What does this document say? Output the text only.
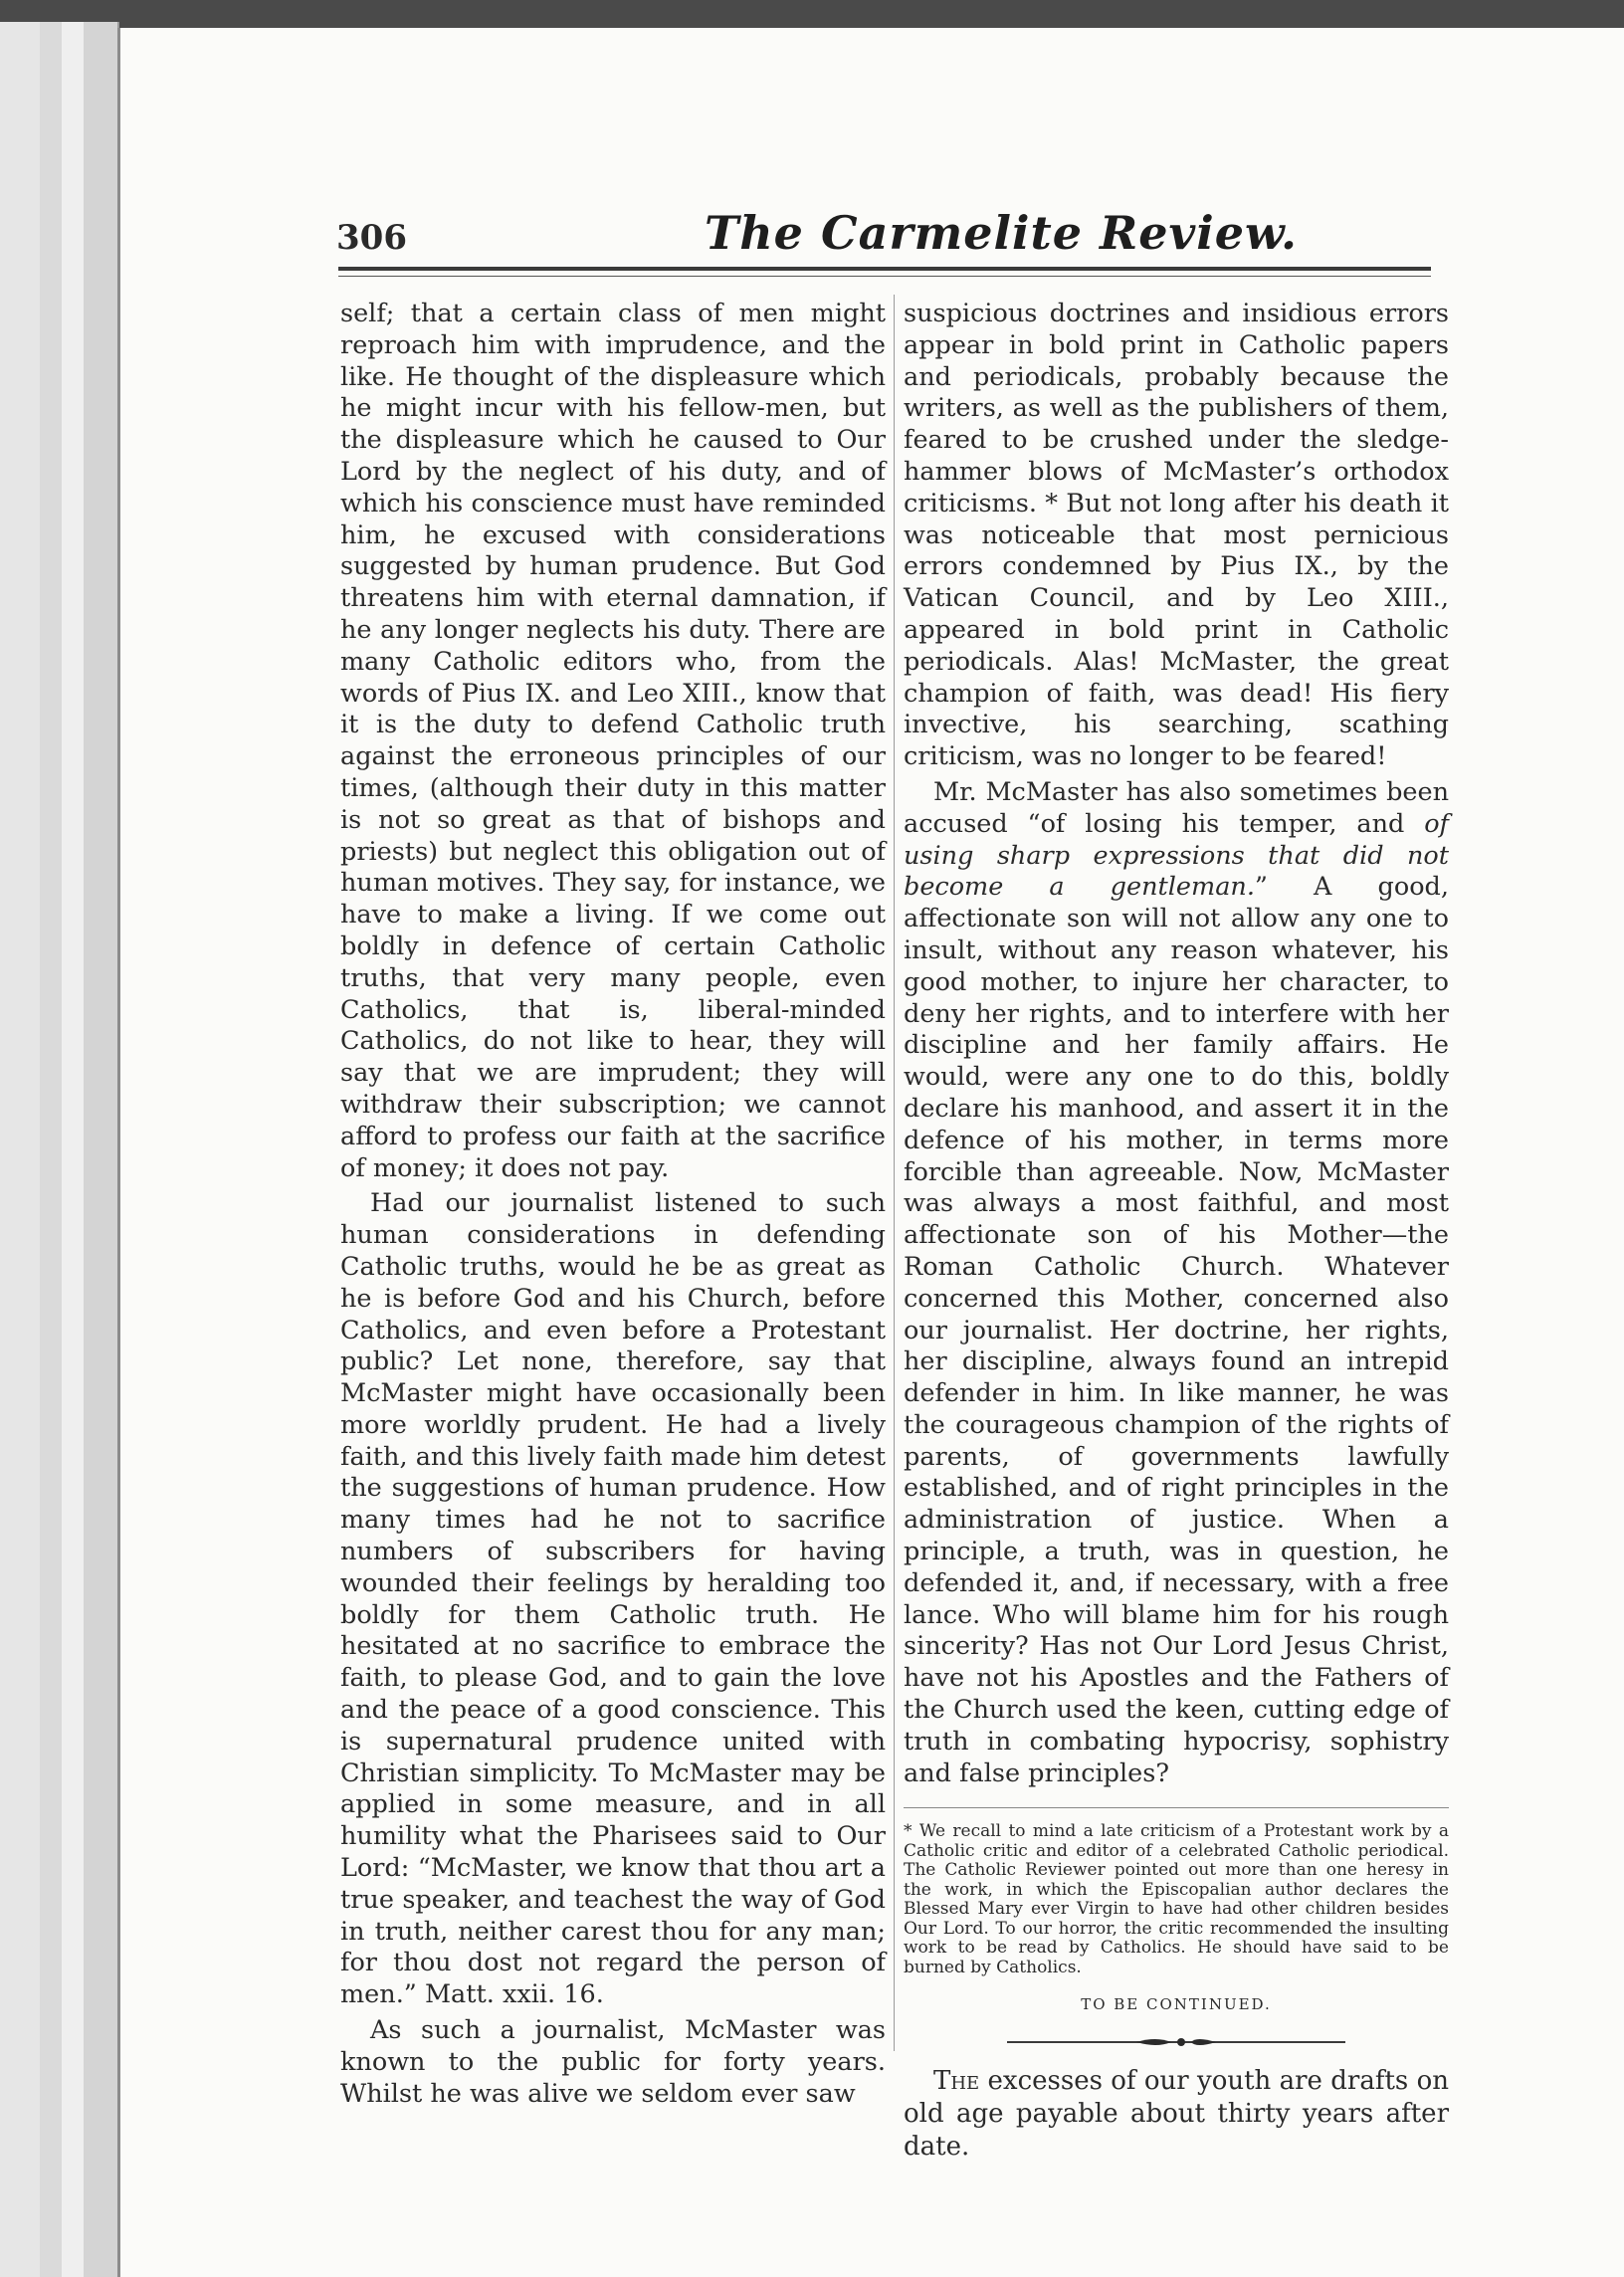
306	The Carmelite Review.

self; that a certain class of men might reproach him with imprudence, and the like. He thought of the displeasure which he might incur with his fellow-men, but the displeasure which he caused to Our Lord by the neglect of his duty, and of which his conscience must have reminded him, he excused with considerations suggested by human prudence. But God threatens him with eternal damnation, if he any longer neglects his duty. There are many Catholic editors who, from the words of Pius IX. and Leo XIII., know that it is the duty to defend Catholic truth against the erroneous principles of our times, (although their duty in this matter is not so great as that of bishops and priests) but neglect this obligation out of human motives. They say, for instance, we have to make a living. If we come out boldly in defence of certain Catholic truths, that very many people, even Catholics, that is, liberal-minded Catholics, do not like to hear, they will say that we are imprudent; they will withdraw their subscription; we cannot afford to profess our faith at the sacrifice of money; it does not pay.

Had our journalist listened to such human considerations in defending Catholic truths, would he be as great as he is before God and his Church, before Catholics, and even before a Protestant public? Let none, therefore, say that McMaster might have occasionally been more worldly prudent. He had a lively faith, and this lively faith made him detest the suggestions of human prudence. How many times had he not to sacrifice numbers of subscribers for having wounded their feelings by heralding too boldly for them Catholic truth. He hesitated at no sacrifice to embrace the faith, to please God, and to gain the love and the peace of a good conscience. This is supernatural prudence united with Christian simplicity. To McMaster may be applied in some measure, and in all humility what the Pharisees said to Our Lord: “McMaster, we know that thou art a true speaker, and teachest the way of God in truth, neither carest thou for any man; for thou dost not regard the person of men.” Matt. xxii. 16.

As such a journalist, McMaster was known to the public for forty years. Whilst he was alive we seldom ever saw

suspicious doctrines and insidious errors appear in bold print in Catholic papers and periodicals, probably because the writers, as well as the publishers of them, feared to be crushed under the sledge-hammer blows of McMaster’s orthodox criticisms. * But not long after his death it was noticeable that most pernicious errors condemned by Pius IX., by the Vatican Council, and by Leo XIII., appeared in bold print in Catholic periodicals. Alas! McMaster, the great champion of faith, was dead! His fiery invective, his searching, scathing criticism, was no longer to be feared!

Mr. McMaster has also sometimes been accused “of losing his temper, and of using sharp expressions that did not become a gentleman.” A good, affectionate son will not allow any one to insult, without any reason whatever, his good mother, to injure her character, to deny her rights, and to interfere with her discipline and her family affairs. He would, were any one to do this, boldly declare his manhood, and assert it in the defence of his mother, in terms more forcible than agreeable. Now, McMaster was always a most faithful, and most affectionate son of his Mother—the Roman Catholic Church. Whatever concerned this Mother, concerned also our journalist. Her doctrine, her rights, her discipline, always found an intrepid defender in him. In like manner, he was the courageous champion of the rights of parents, of governments lawfully established, and of right principles in the administration of justice. When a principle, a truth, was in question, he defended it, and, if necessary, with a free lance. Who will blame him for his rough sincerity? Has not Our Lord Jesus Christ, have not his Apostles and the Fathers of the Church used the keen, cutting edge of truth in combating hypocrisy, sophistry and false principles?

* We recall to mind a late criticism of a Protestant work by a Catholic critic and editor of a celebrated Catholic periodical. The Catholic Reviewer pointed out more than one heresy in the work, in which the Episcopalian author declares the Blessed Mary ever Virgin to have had other children besides Our Lord. To our horror, the critic recommended the insulting work to be read by Catholics. He should have said to be burned by Catholics.
TO BE CONTINUED.

The excesses of our youth are drafts on old age payable about thirty years after date.
